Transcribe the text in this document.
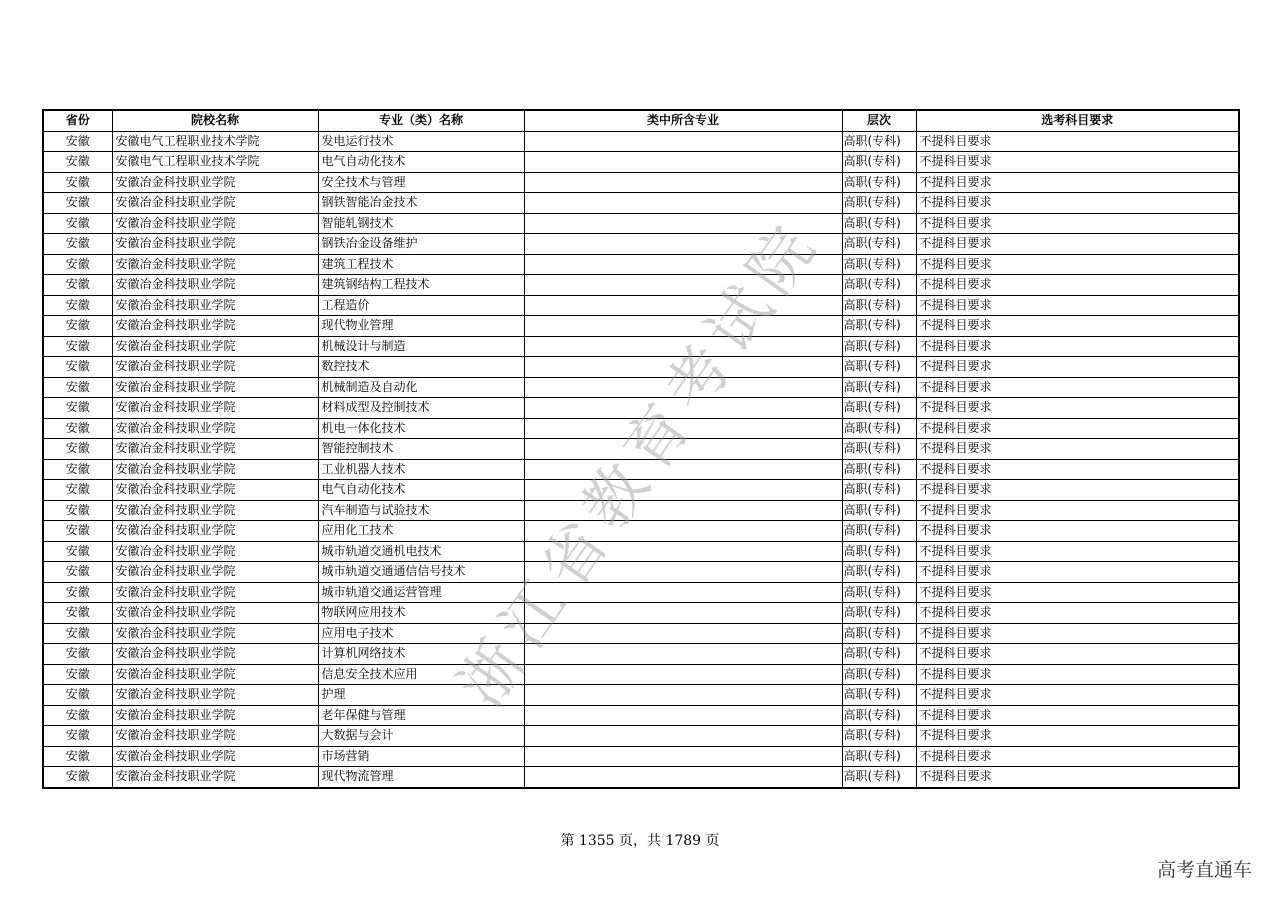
省份	院校名称	专业（类）名称	类中所含专业	层次	选考科目要求
安徽	安徽电气工程职业技术学院	发电运行技术		高职(专科)	不提科目要求
安徽	安徽电气工程职业技术学院	电气自动化技术		高职(专科)	不提科目要求
安徽	安徽冶金科技职业学院	安全技术与管理		高职(专科)	不提科目要求
安徽	安徽冶金科技职业学院	钢铁智能冶金技术		高职(专科)	不提科目要求
安徽	安徽冶金科技职业学院	智能轧钢技术		高职(专科)	不提科目要求
安徽	安徽冶金科技职业学院	钢铁冶金设备维护		高职(专科)	不提科目要求
安徽	安徽冶金科技职业学院	建筑工程技术		高职(专科)	不提科目要求
安徽	安徽冶金科技职业学院	建筑钢结构工程技术		高职(专科)	不提科目要求
安徽	安徽冶金科技职业学院	工程造价		高职(专科)	不提科目要求
安徽	安徽冶金科技职业学院	现代物业管理		高职(专科)	不提科目要求
安徽	安徽冶金科技职业学院	机械设计与制造		高职(专科)	不提科目要求
安徽	安徽冶金科技职业学院	数控技术		高职(专科)	不提科目要求
安徽	安徽冶金科技职业学院	机械制造及自动化		高职(专科)	不提科目要求
安徽	安徽冶金科技职业学院	材料成型及控制技术		高职(专科)	不提科目要求
安徽	安徽冶金科技职业学院	机电一体化技术		高职(专科)	不提科目要求
安徽	安徽冶金科技职业学院	智能控制技术		高职(专科)	不提科目要求
安徽	安徽冶金科技职业学院	工业机器人技术		高职(专科)	不提科目要求
安徽	安徽冶金科技职业学院	电气自动化技术		高职(专科)	不提科目要求
安徽	安徽冶金科技职业学院	汽车制造与试验技术		高职(专科)	不提科目要求
安徽	安徽冶金科技职业学院	应用化工技术		高职(专科)	不提科目要求
安徽	安徽冶金科技职业学院	城市轨道交通机电技术		高职(专科)	不提科目要求
安徽	安徽冶金科技职业学院	城市轨道交通通信信号技术		高职(专科)	不提科目要求
安徽	安徽冶金科技职业学院	城市轨道交通运营管理		高职(专科)	不提科目要求
安徽	安徽冶金科技职业学院	物联网应用技术		高职(专科)	不提科目要求
安徽	安徽冶金科技职业学院	应用电子技术		高职(专科)	不提科目要求
安徽	安徽冶金科技职业学院	计算机网络技术		高职(专科)	不提科目要求
安徽	安徽冶金科技职业学院	信息安全技术应用		高职(专科)	不提科目要求
安徽	安徽冶金科技职业学院	护理		高职(专科)	不提科目要求
安徽	安徽冶金科技职业学院	老年保健与管理		高职(专科)	不提科目要求
安徽	安徽冶金科技职业学院	大数据与会计		高职(专科)	不提科目要求
安徽	安徽冶金科技职业学院	市场营销		高职(专科)	不提科目要求
安徽	安徽冶金科技职业学院	现代物流管理		高职(专科)	不提科目要求
浙江省教育考试院
第 1355 页，共 1789 页
高考直通车
